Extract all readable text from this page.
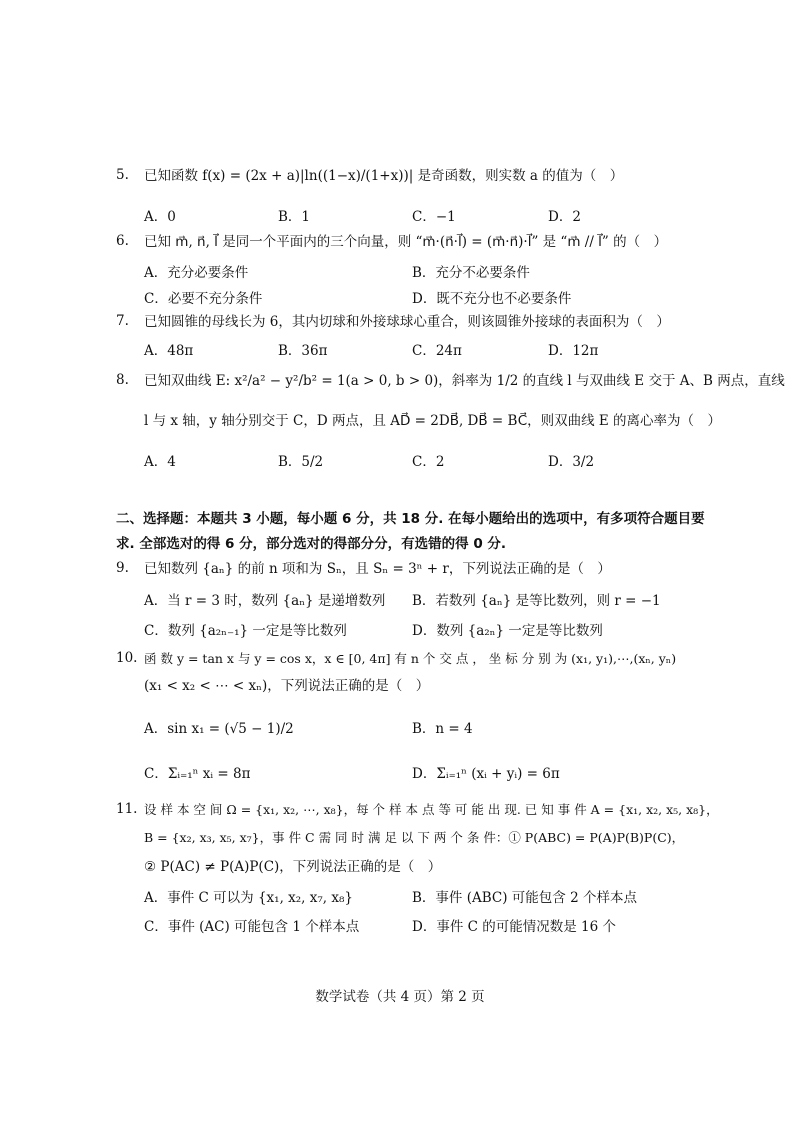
5. 已知函数 f(x) = (2x + a)|ln((1−x)/(1+x))| 是奇函数，则实数 a 的值为（　）
A．0	B．1	C．−1	D．2
6. 已知 m⃗, n⃗, l⃗ 是同一个平面内的三个向量，则 “m⃗·(n⃗·l⃗) = (m⃗·n⃗)·l⃗” 是 “m⃗ // l⃗” 的（　）
A．充分必要条件	B．充分不必要条件
C．必要不充分条件	D．既不充分也不必要条件
7. 已知圆锥的母线长为 6，其内切球和外接球球心重合，则该圆锥外接球的表面积为（　）
A．48π	B．36π	C．24π	D．12π
8. 已知双曲线 E: x²/a² − y²/b² = 1(a > 0, b > 0)，斜率为 1/2 的直线 l 与双曲线 E 交于 A、B 两点，直线
l 与 x 轴，y 轴分别交于 C，D 两点，且 AD⃗ = 2DB⃗, DB⃗ = BC⃗，则双曲线 E 的离心率为（　）
A．4	B．5/2	C．2	D．3/2
二、选择题：本题共 3 小题，每小题 6 分，共 18 分. 在每小题给出的选项中，有多项符合题目要
求. 全部选对的得 6 分，部分选对的得部分分，有选错的得 0 分.
9. 已知数列 {aₙ} 的前 n 项和为 Sₙ，且 Sₙ = 3ⁿ + r，下列说法正确的是（　）
A．当 r = 3 时，数列 {aₙ} 是递增数列 B．若数列 {aₙ} 是等比数列，则 r = −1
C．数列 {a₂ₙ₋₁} 一定是等比数列	D．数列 {a₂ₙ} 一定是等比数列
10. 函 数 y = tan x 与 y = cos x，x ∈ [0, 4π] 有 n 个 交 点 ， 坐 标 分 别 为 (x₁, y₁),⋯,(xₙ, yₙ)
(x₁ < x₂ < ⋯ < xₙ)，下列说法正确的是（　）
A．sin x₁ = (√5 − 1)/2	B．n = 4
C．Σᵢ₌₁ⁿ xᵢ = 8π	D．Σᵢ₌₁ⁿ (xᵢ + yᵢ) = 6π
11. 设 样 本 空 间 Ω = {x₁, x₂, ⋯, x₈}，每 个 样 本 点 等 可 能 出 现. 已 知 事 件 A = {x₁, x₂, x₅, x₈}，
B = {x₂, x₃, x₅, x₇}，事 件 C 需 同 时 满 足 以 下 两 个 条 件：① P(ABC) = P(A)P(B)P(C)，
② P(AC) ≠ P(A)P(C)，下列说法正确的是（　）
A．事件 C 可以为 {x₁, x₂, x₇, x₈}	B．事件 (ABC) 可能包含 2 个样本点
C．事件 (AC) 可能包含 1 个样本点	D．事件 C 的可能情况数是 16 个
数学试卷（共 4 页）第 2 页
